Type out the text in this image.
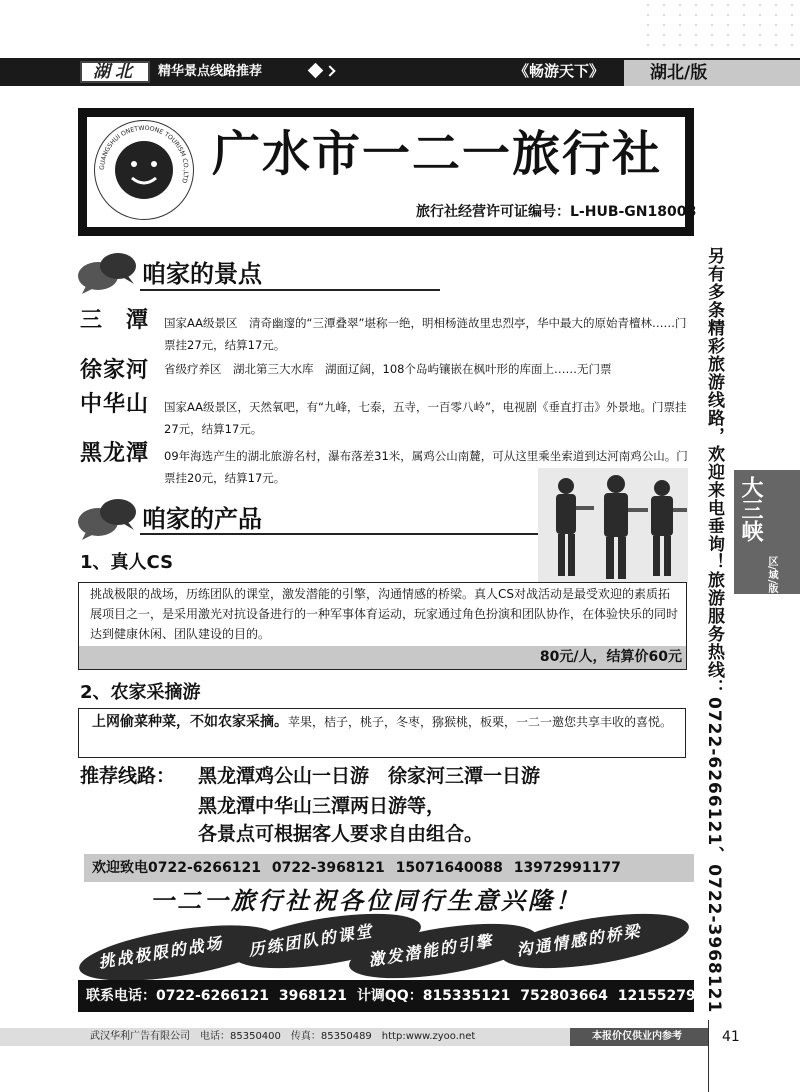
湖北	精华景点线路推荐	《畅游天下》	湖北/版
GUANGSHUI ONETWOONE TOURISM CO.,LTD 广水市一二一旅行社
旅行社经营许可证编号：L-HUB-GN18008
咱家的景点
三　潭 国家AA级景区　清奇幽邃的“三潭叠翠”堪称一绝，明相杨涟故里忠烈亭，华中最大的原始青檀林……门票挂27元，结算17元。
徐家河 省级疗养区　湖北第三大水库　湖面辽阔，108个岛屿镶嵌在枫叶形的库面上……无门票
中华山 国家AA级景区，天然氧吧，有“九峰，七泰，五寺，一百零八岭”，电视剧《垂直打击》外景地。门票挂27元，结算17元。
黑龙潭 09年海选产生的湖北旅游名村，瀑布落差31米，属鸡公山南麓，可从这里乘坐索道到达河南鸡公山。门票挂20元，结算17元。
咱家的产品
1、真人CS
挑战极限的战场，历练团队的课堂，激发潜能的引擎，沟通情感的桥梁。真人CS对战活动是最受欢迎的素质拓展项目之一，是采用激光对抗设备进行的一种军事体育运动，玩家通过角色扮演和团队协作，在体验快乐的同时达到健康休闲、团队建设的目的。
80元/人，结算价60元
2、农家采摘游
上网偷菜种菜，不如农家采摘。苹果，桔子，桃子，冬枣，猕猴桃，板栗，一二一邀您共享丰收的喜悦。
推荐线路： 黑龙潭鸡公山一日游　徐家河三潭一日游
黑龙潭中华山三潭两日游等，
各景点可根据客人要求自由组合。
欢迎致电0722-6266121 0722-3968121 15071640088 13972991177
一二一旅行社祝各位同行生意兴隆！
挑战极限的战场 历练团队的课堂
激发潜能的引擎 沟通情感的桥梁
联系电话：0722-6266121 3968121 计调QQ：815335121 752803664 1215527985
另有多条精彩旅游线路，欢迎来电垂询！旅游服务热线：0722-6266121、0722-3968121 大三峡
区/域/版
武汉华利广告有限公司　电话：85350400　传真：85350489　http:www.zyoo.net	本报价仅供业内参考	41
